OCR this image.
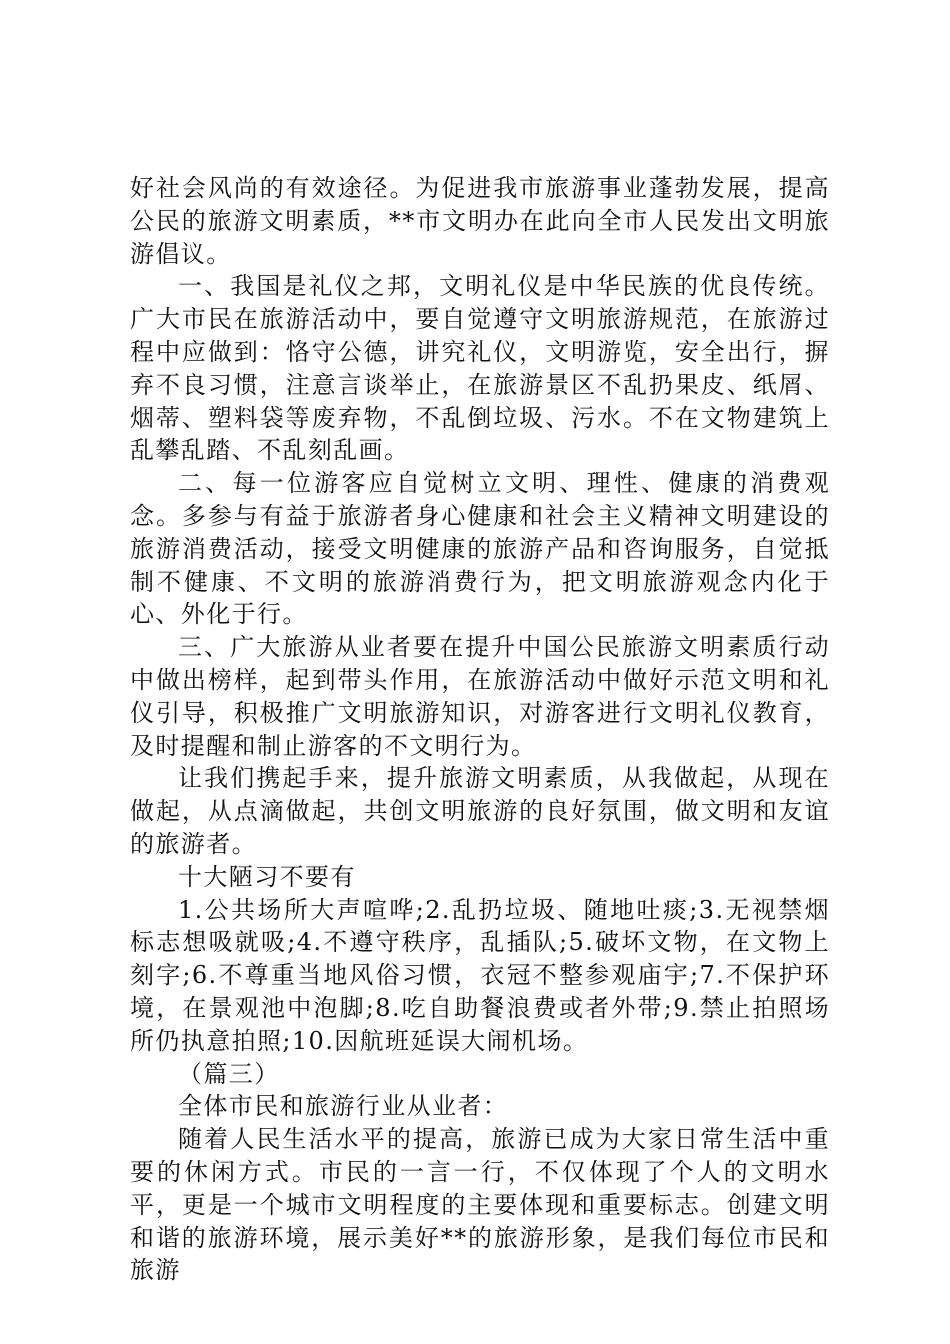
好社会风尚的有效途径。为促进我市旅游事业蓬勃发展，提高公民的旅游文明素质，**市文明办在此向全市人民发出文明旅游倡议。

一、我国是礼仪之邦，文明礼仪是中华民族的优良传统。广大市民在旅游活动中，要自觉遵守文明旅游规范，在旅游过程中应做到：恪守公德，讲究礼仪，文明游览，安全出行，摒弃不良习惯，注意言谈举止，在旅游景区不乱扔果皮、纸屑、烟蒂、塑料袋等废弃物，不乱倒垃圾、污水。不在文物建筑上乱攀乱踏、不乱刻乱画。

二、每一位游客应自觉树立文明、理性、健康的消费观念。多参与有益于旅游者身心健康和社会主义精神文明建设的旅游消费活动，接受文明健康的旅游产品和咨询服务，自觉抵制不健康、不文明的旅游消费行为，把文明旅游观念内化于心、外化于行。

三、广大旅游从业者要在提升中国公民旅游文明素质行动中做出榜样，起到带头作用，在旅游活动中做好示范文明和礼仪引导，积极推广文明旅游知识，对游客进行文明礼仪教育，及时提醒和制止游客的不文明行为。

让我们携起手来，提升旅游文明素质，从我做起，从现在做起，从点滴做起，共创文明旅游的良好氛围，做文明和友谊的旅游者。

十大陋习不要有

1.公共场所大声喧哗;2.乱扔垃圾、随地吐痰;3.无视禁烟标志想吸就吸;4.不遵守秩序，乱插队;5.破坏文物，在文物上刻字;6.不尊重当地风俗习惯，衣冠不整参观庙宇;7.不保护环境，在景观池中泡脚;8.吃自助餐浪费或者外带;9.禁止拍照场所仍执意拍照;10.因航班延误大闹机场。

（篇三）

全体市民和旅游行业从业者：

随着人民生活水平的提高，旅游已成为大家日常生活中重要的休闲方式。市民的一言一行，不仅体现了个人的文明水平，更是一个城市文明程度的主要体现和重要标志。创建文明和谐的旅游环境，展示美好**的旅游形象，是我们每位市民和旅游
